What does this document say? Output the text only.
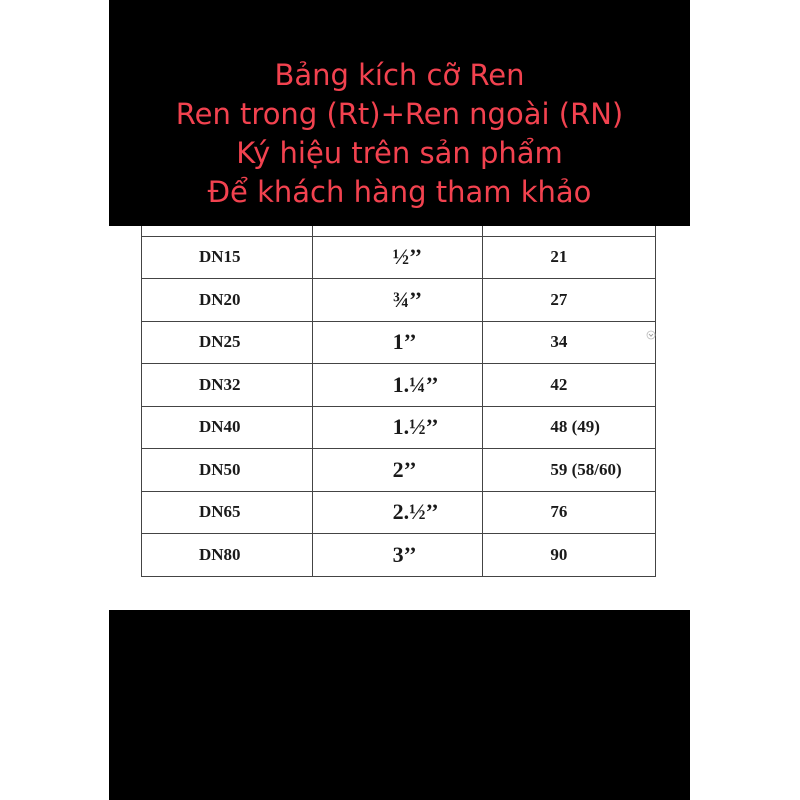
Bảng kích cỡ Ren
Ren trong (Rt)+Ren ngoài (RN)
Ký hiệu trên sản phẩm
Để khách hàng tham khảo

DN15	½’’	21
DN20	¾’’	27
DN25	1’’	34
DN32	1.¼’’	42
DN40	1.½’’	48 (49)
DN50	2’’	59 (58/60)
DN65	2.½’’	76
DN80	3’’	90
